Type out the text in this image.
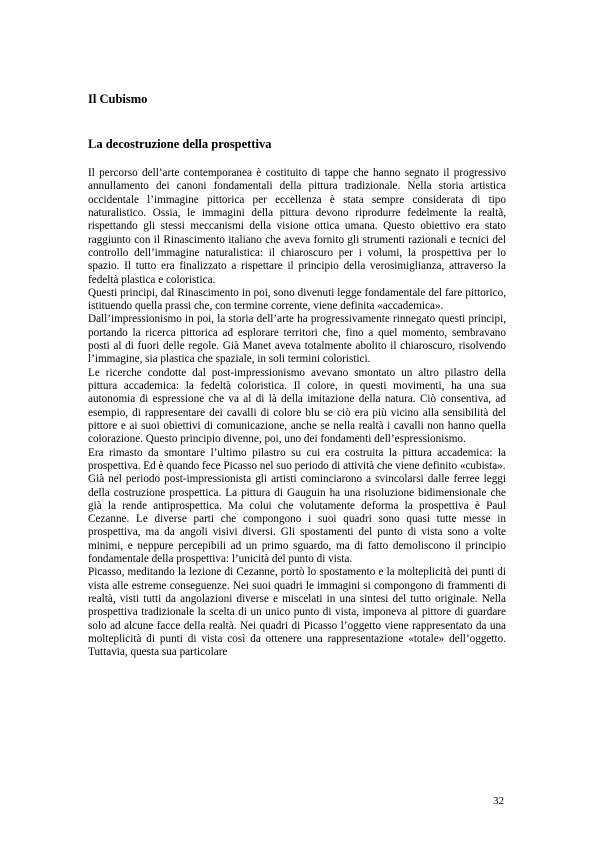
Il Cubismo
La decostruzione della prospettiva

Il percorso dell’arte contemporanea è costituito di tappe che hanno segnato il progressivo annullamento dei canoni fondamentali della pittura tradizionale. Nella storia artistica occidentale l’immagine pittorica per eccellenza è stata sempre considerata di tipo naturalistico. Ossia, le immagini della pittura devono riprodurre fedelmente la realtà, rispettando gli stessi meccanismi della visione ottica umana. Questo obiettivo era stato raggiunto con il Rinascimento italiano che aveva fornito gli strumenti razionali e tecnici del controllo dell’immagine naturalistica: il chiaroscuro per i volumi, la prospettiva per lo spazio. Il tutto era finalizzato a rispettare il principio della verosimiglianza, attraverso la fedeltà plastica e coloristica.

Questi principi, dal Rinascimento in poi, sono divenuti legge fondamentale del fare pittorico, istituendo quella prassi che, con termine corrente, viene definita «accademica».

Dall’impressionismo in poi, la storia dell’arte ha progressivamente rinnegato questi principi, portando la ricerca pittorica ad esplorare territori che, fino a quel momento, sembravano posti al di fuori delle regole. Già Manet aveva totalmente abolito il chiaroscuro, risolvendo l’immagine, sia plastica che spaziale, in soli termini coloristici.

Le ricerche condotte dal post-impressionismo avevano smontato un altro pilastro della pittura accademica: la fedeltà coloristica. Il colore, in questi movimenti, ha una sua autonomia di espressione che va al di là della imitazione della natura. Ciò consentiva, ad esempio, di rappresentare dei cavalli di colore blu se ciò era più vicino alla sensibilità del pittore e ai suoi obiettivi di comunicazione, anche se nella realtà i cavalli non hanno quella colorazione. Questo principio divenne, poi, uno dei fondamenti dell’espressionismo.

Era rimasto da smontare l’ultimo pilastro su cui era costruita la pittura accademica: la prospettiva. Ed è quando fece Picasso nel suo periodo di attività che viene definito «cubista».

Già nel periodo post-impressionista gli artisti cominciarono a svincolarsi dalle ferree leggi della costruzione prospettica. La pittura di Gauguin ha una risoluzione bidimensionale che già la rende antiprospettica. Ma colui che volutamente deforma la prospettiva è Paul Cezanne. Le diverse parti che compongono i suoi quadri sono quasi tutte messe in prospettiva, ma da angoli visivi diversi. Gli spostamenti del punto di vista sono a volte minimi, e neppure percepibili ad un primo sguardo, ma di fatto demoliscono il principio fondamentale della prospettiva: l’unicità del punto di vista.

Picasso, meditando la lezione di Cezanne, portò lo spostamento e la molteplicità dei punti di vista alle estreme conseguenze. Nei suoi quadri le immagini si compongono di frammenti di realtà, visti tutti da angolazioni diverse e miscelati in una sintesi del tutto originale. Nella prospettiva tradizionale la scelta di un unico punto di vista, imponeva al pittore di guardare solo ad alcune facce della realtà. Nei quadri di Picasso l’oggetto viene rappresentato da una molteplicità di punti di vista così da ottenere una rappresentazione «totale» dell’oggetto. Tuttavia, questa sua particolare

32
